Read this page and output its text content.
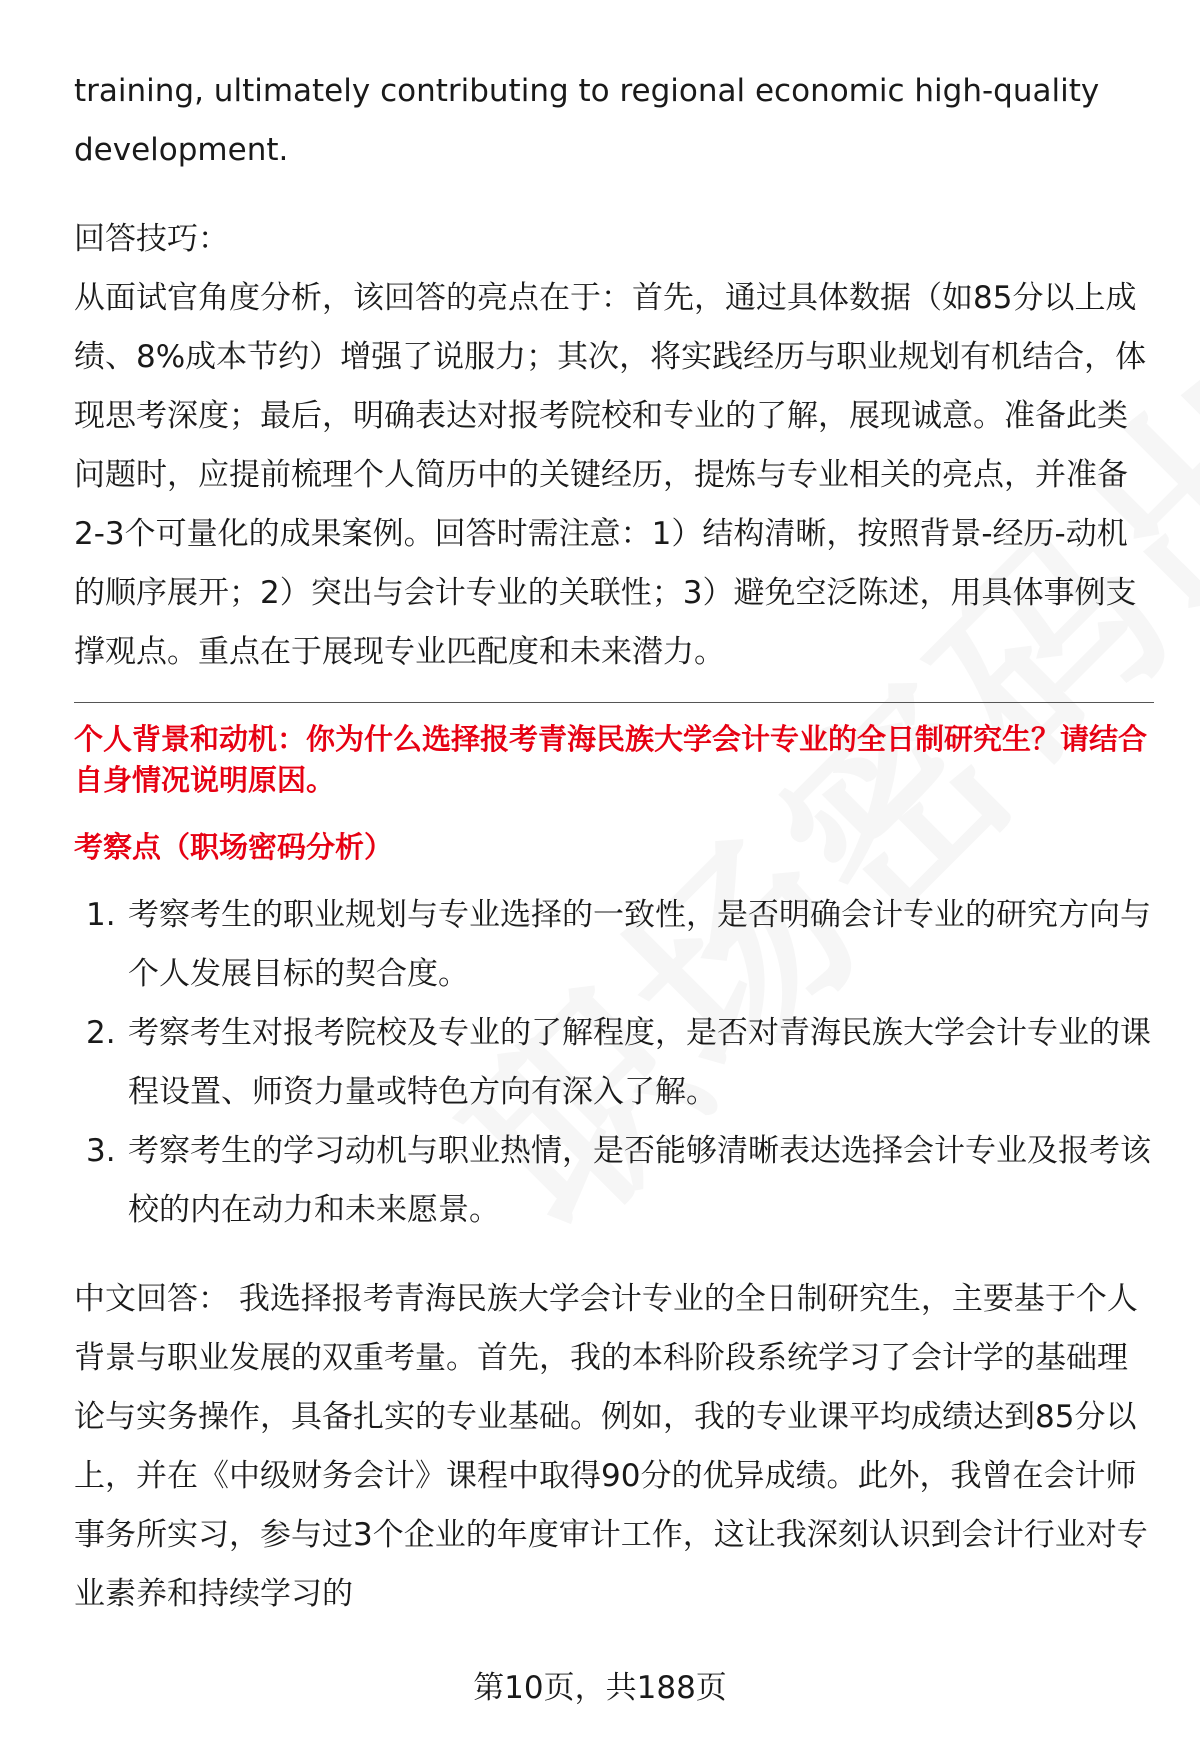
training, ultimately contributing to regional economic high-quality

development.

回答技巧：

从面试官角度分析，该回答的亮点在于：首先，通过具体数据（如85分以上成绩、8%成本节约）增强了说服力；其次，将实践经历与职业规划有机结合，体现思考深度；最后，明确表达对报考院校和专业的了解，展现诚意。准备此类问题时，应提前梳理个人简历中的关键经历，提炼与专业相关的亮点，并准备2-3个可量化的成果案例。回答时需注意：1）结构清晰，按照背景-经历-动机的顺序展开；2）突出与会计专业的关联性；3）避免空泛陈述，用具体事例支撑观点。重点在于展现专业匹配度和未来潜力。

个人背景和动机：你为什么选择报考青海民族大学会计专业的全日制研究生？请结合自身情况说明原因。

考察点（职场密码分析）

1. 考察考生的职业规划与专业选择的一致性，是否明确会计专业的研究方向与个人发展目标的契合度。
2. 考察考生对报考院校及专业的了解程度，是否对青海民族大学会计专业的课程设置、师资力量或特色方向有深入了解。
3. 考察考生的学习动机与职业热情，是否能够清晰表达选择会计专业及报考该校的内在动力和未来愿景。

中文回答： 我选择报考青海民族大学会计专业的全日制研究生，主要基于个人背景与职业发展的双重考量。首先，我的本科阶段系统学习了会计学的基础理论与实务操作，具备扎实的专业基础。例如，我的专业课平均成绩达到85分以上，并在《中级财务会计》课程中取得90分的优异成绩。此外，我曾在会计师事务所实习，参与过3个企业的年度审计工作，这让我深刻认识到会计行业对专业素养和持续学习的

第10页，共188页
